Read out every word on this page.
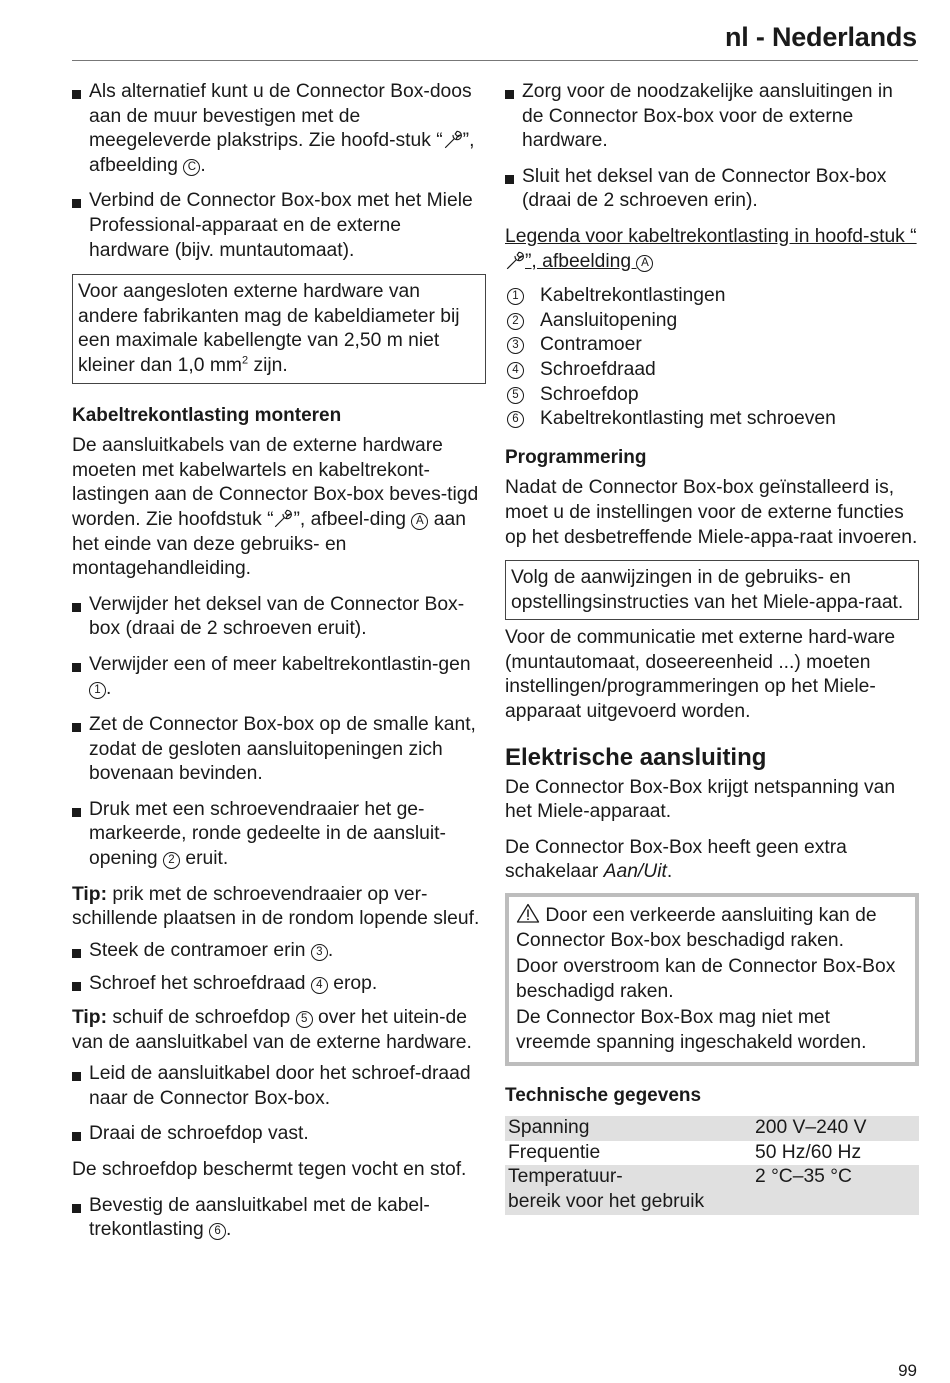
nl - Nederlands

Als alternatief kunt u de Connector Box-doos aan de muur bevestigen met de meegeleverde plakstrips. Zie hoofd-stuk “ ”, afbeelding C .

Verbind de Connector Box-box met het Miele Professional-apparaat en de externe hardware (bijv. muntautomaat).

Voor aangesloten externe hardware van andere fabrikanten mag de kabeldiameter bij een maximale kabellengte van 2,50 m niet kleiner dan 1,0 $mm^2$ zijn.

Kabeltrekontlasting monteren

De aansluitkabels van de externe hardware moeten met kabelwartels en kabeltrekont-lastingen aan de Connector Box-box beves-tigd worden. Zie hoofdstuk “ ”, afbeel-ding A aan het einde van deze gebruiks- en montagehandleiding.

Verwijder het deksel van de Connector Box-box (draai de 2 schroeven eruit).

Verwijder een of meer kabeltrekontlastin-gen 1 .

Zet de Connector Box-box op de smalle kant, zodat de gesloten aansluitopeningen zich bovenaan bevinden.

Druk met een schroevendraaier het ge-markeerde, ronde gedeelte in de aansluit-opening 2 eruit.

Tip: prik met de schroevendraaier op ver-schillende plaatsen in de rondom lopende sleuf.

Steek de contramoer erin 3 .

Schroef het schroefdraad 4 erop.

Tip: schuif de schroefdop 5 over het uitein-de van de aansluitkabel van de externe hardware.

Leid de aansluitkabel door het schroef-draad naar de Connector Box-box.

Draai de schroefdop vast.

De schroefdop beschermt tegen vocht en stof.

Bevestig de aansluitkabel met de kabel-trekontlasting 6 .

Zorg voor de noodzakelijke aansluitingen in de Connector Box-box voor de externe hardware.

Sluit het deksel van de Connector Box-box (draai de 2 schroeven erin).

Legenda voor kabeltrekontlasting in hoofd-stuk “”, afbeelding A

1 Kabeltrekontlastingen
2 Aansluitopening
3 Contramoer
4 Schroefdraad
5 Schroefdop
6 Kabeltrekontlasting met schroeven

Programmering

Nadat de Connector Box-box geïnstalleerd is, moet u de instellingen voor de externe functies op het desbetreffende Miele-appa-raat invoeren.

Volg de aanwijzingen in de gebruiks- en opstellingsinstructies van het Miele-appa-raat.

Voor de communicatie met externe hard-ware (muntautomaat, doseereenheid ...) moeten instellingen/programmeringen op het Miele-apparaat uitgevoerd worden.

Elektrische aansluiting

De Connector Box-Box krijgt netspanning van het Miele-apparaat.

De Connector Box-Box heeft geen extra schakelaar Aan/Uit.

Door een verkeerde aansluiting kan de Connector Box-box beschadigd raken.

Door overstroom kan de Connector Box-Box beschadigd raken.

De Connector Box-Box mag niet met vreemde spanning ingeschakeld worden.

Technische gegevens

Spanning	200 V–240 V
Frequentie	50 Hz/60 Hz
Temperatuur-
bereik voor het gebruik	2 °C–35 °C
99
